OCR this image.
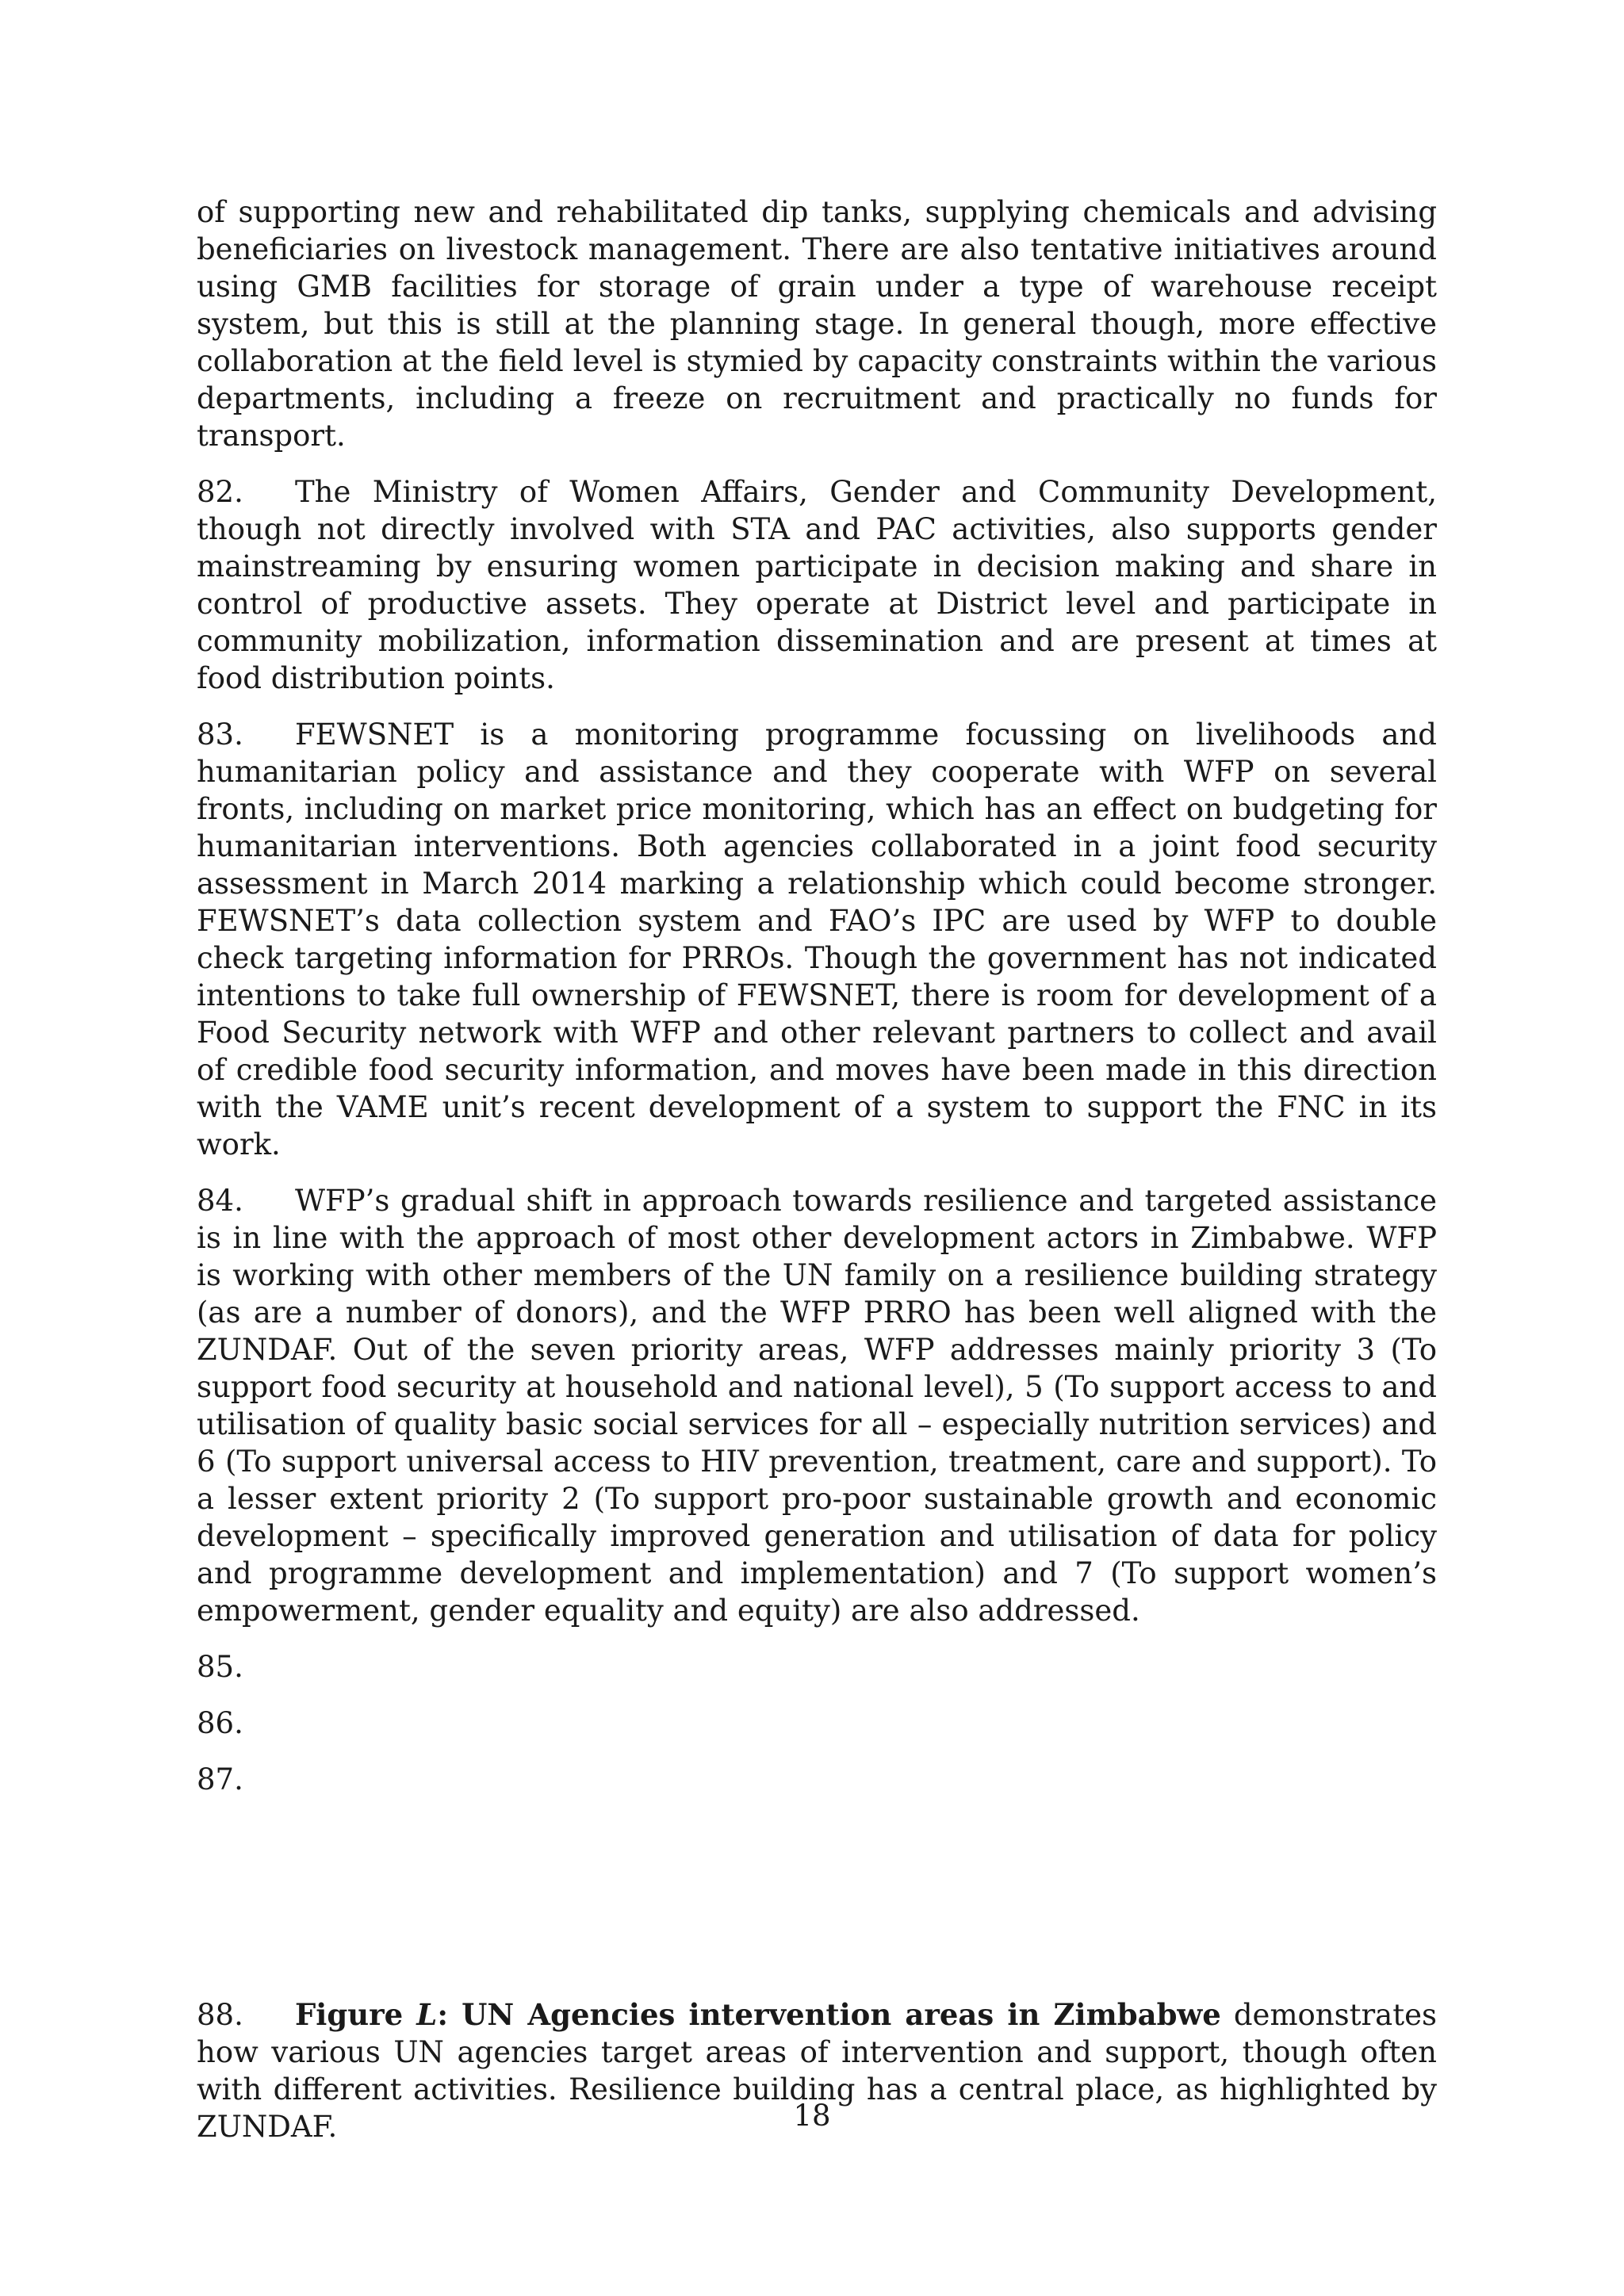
of supporting new and rehabilitated dip tanks, supplying chemicals and advising beneficiaries on livestock management. There are also tentative initiatives around using GMB facilities for storage of grain under a type of warehouse receipt system, but this is still at the planning stage. In general though, more effective collaboration at the field level is stymied by capacity constraints within the various departments, including a freeze on recruitment and practically no funds for transport.

82. The Ministry of Women Affairs, Gender and Community Development, though not directly involved with STA and PAC activities, also supports gender mainstreaming by ensuring women participate in decision making and share in control of productive assets. They operate at District level and participate in community mobilization, information dissemination and are present at times at food distribution points.

83. FEWSNET is a monitoring programme focussing on livelihoods and humanitarian policy and assistance and they cooperate with WFP on several fronts, including on market price monitoring, which has an effect on budgeting for humanitarian interventions. Both agencies collaborated in a joint food security assessment in March 2014 marking a relationship which could become stronger. FEWSNET’s data collection system and FAO’s IPC are used by WFP to double check targeting information for PRROs. Though the government has not indicated intentions to take full ownership of FEWSNET, there is room for development of a Food Security network with WFP and other relevant partners to collect and avail of credible food security information, and moves have been made in this direction with the VAME unit’s recent development of a system to support the FNC in its work.

84. WFP’s gradual shift in approach towards resilience and targeted assistance is in line with the approach of most other development actors in Zimbabwe. WFP is working with other members of the UN family on a resilience building strategy (as are a number of donors), and the WFP PRRO has been well aligned with the ZUNDAF. Out of the seven priority areas, WFP addresses mainly priority 3 (To support food security at household and national level), 5 (To support access to and utilisation of quality basic social services for all – especially nutrition services) and 6 (To support universal access to HIV prevention, treatment, care and support). To a lesser extent priority 2 (To support pro-poor sustainable growth and economic development – specifically improved generation and utilisation of data for policy and programme development and implementation) and 7 (To support women’s empowerment, gender equality and equity) are also addressed.

85.

86.

87.

88. Figure L: UN Agencies intervention areas in Zimbabwe demonstrates how various UN agencies target areas of intervention and support, though often with different activities. Resilience building has a central place, as highlighted by ZUNDAF.	18
